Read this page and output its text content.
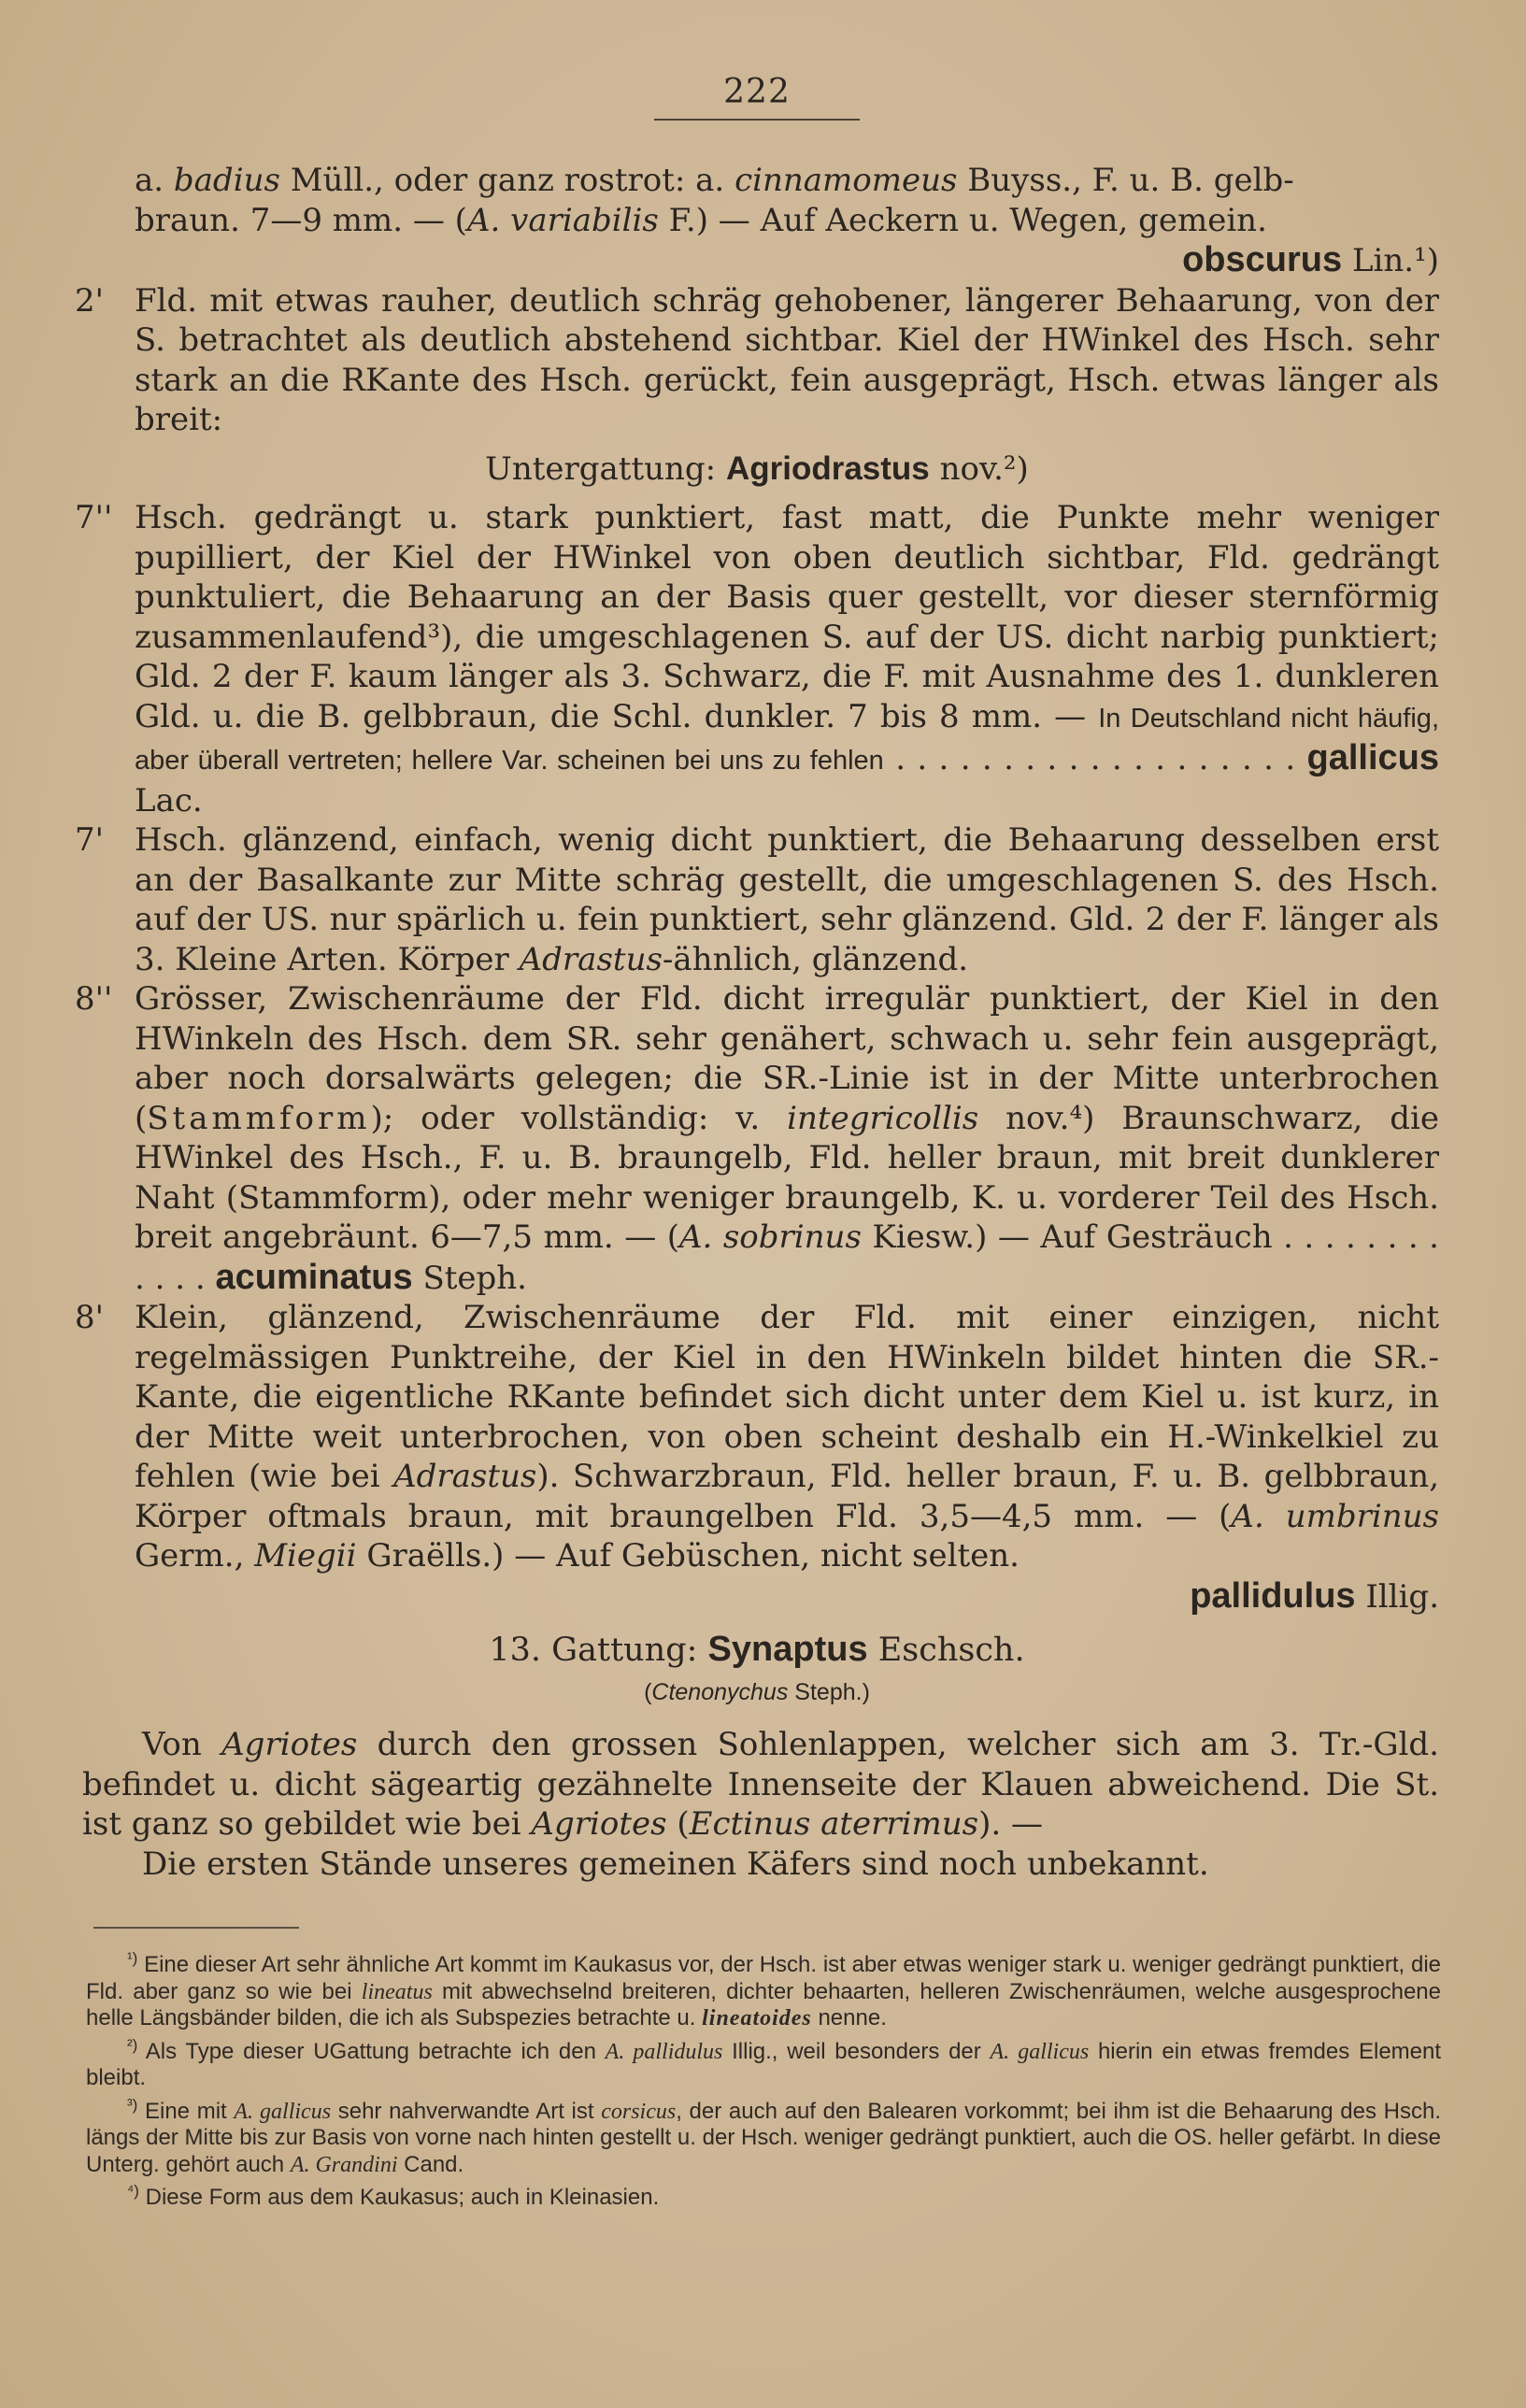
222
a. badius Müll., oder ganz rostrot: a. cinnamomeus Buyss., F. u. B. gelb-
braun. 7—9 mm. — (A. variabilis F.) — Auf Aeckern u. Wegen, gemein.
obscurus Lin.¹)
2' Fld. mit etwas rauher, deutlich schräg gehobener, längerer Behaarung, von der S. betrachtet als deutlich abstehend sichtbar. Kiel der HWinkel des Hsch. sehr stark an die RKante des Hsch. gerückt, fein ausgeprägt, Hsch. etwas länger als breit:
Untergattung: Agriodrastus nov.²)
7'' Hsch. gedrängt u. stark punktiert, fast matt, die Punkte mehr weniger pupilliert, der Kiel der HWinkel von oben deutlich sichtbar, Fld. gedrängt punktuliert, die Behaarung an der Basis quer gestellt, vor dieser sternförmig zusammenlaufend³), die umgeschlagenen S. auf der US. dicht narbig punktiert; Gld. 2 der F. kaum länger als 3. Schwarz, die F. mit Ausnahme des 1. dunkleren Gld. u. die B. gelbbraun, die Schl. dunkler. 7 bis 8 mm. — In Deutschland nicht häufig, aber überall vertreten; hellere Var. scheinen bei uns zu fehlen . . . . . . . . . . . . . . . . . . . gallicus Lac.
7' Hsch. glänzend, einfach, wenig dicht punktiert, die Behaarung desselben erst an der Basalkante zur Mitte schräg gestellt, die umgeschlagenen S. des Hsch. auf der US. nur spärlich u. fein punktiert, sehr glänzend. Gld. 2 der F. länger als 3. Kleine Arten. Körper Adrastus-ähnlich, glänzend.
8'' Grösser, Zwischenräume der Fld. dicht irregulär punktiert, der Kiel in den HWinkeln des Hsch. dem SR. sehr genähert, schwach u. sehr fein ausgeprägt, aber noch dorsalwärts gelegen; die SR.-Linie ist in der Mitte unterbrochen (Stammform); oder vollständig: v. integricollis nov.⁴) Braunschwarz, die HWinkel des Hsch., F. u. B. braungelb, Fld. heller braun, mit breit dunklerer Naht (Stammform), oder mehr weniger braungelb, K. u. vorderer Teil des Hsch. breit angebräunt. 6—7,5 mm. — (A. sobrinus Kiesw.) — Auf Gesträuch . . . . . . . . . . . . acuminatus Steph.
8' Klein, glänzend, Zwischenräume der Fld. mit einer einzigen, nicht regelmässigen Punktreihe, der Kiel in den HWinkeln bildet hinten die SR.-Kante, die eigentliche RKante befindet sich dicht unter dem Kiel u. ist kurz, in der Mitte weit unterbrochen, von oben scheint deshalb ein H.-Winkelkiel zu fehlen (wie bei Adrastus). Schwarzbraun, Fld. heller braun, F. u. B. gelbbraun, Körper oftmals braun, mit braungelben Fld. 3,5—4,5 mm. — (A. umbrinus Germ., Miegii Graëlls.) — Auf Gebüschen, nicht selten.
pallidulus Illig.
13. Gattung: Synaptus Eschsch.
(Ctenonychus Steph.)
Von Agriotes durch den grossen Sohlenlappen, welcher sich am 3. Tr.-Gld. befindet u. dicht sägeartig gezähnelte Innenseite der Klauen abweichend. Die St. ist ganz so gebildet wie bei Agriotes (Ectinus aterrimus). —
Die ersten Stände unseres gemeinen Käfers sind noch unbekannt.
$^{^1)}$ Eine dieser Art sehr ähnliche Art kommt im Kaukasus vor, der Hsch. ist aber etwas weniger stark u. weniger gedrängt punktiert, die Fld. aber ganz so wie bei lineatus mit abwechselnd breiteren, dichter behaarten, helleren Zwischenräumen, welche ausgesprochene helle Längsbänder bilden, die ich als Subspezies betrachte u. lineatoides nenne.
$^{^2)}$ Als Type dieser UGattung betrachte ich den A. pallidulus Illig., weil besonders der A. gallicus hierin ein etwas fremdes Element bleibt.
$^{^3)}$ Eine mit A. gallicus sehr nahverwandte Art ist corsicus, der auch auf den Balearen vorkommt; bei ihm ist die Behaarung des Hsch. längs der Mitte bis zur Basis von vorne nach hinten gestellt u. der Hsch. weniger gedrängt punktiert, auch die OS. heller gefärbt. In diese Unterg. gehört auch A. Grandini Cand.
$^{^4)}$ Diese Form aus dem Kaukasus; auch in Kleinasien.
